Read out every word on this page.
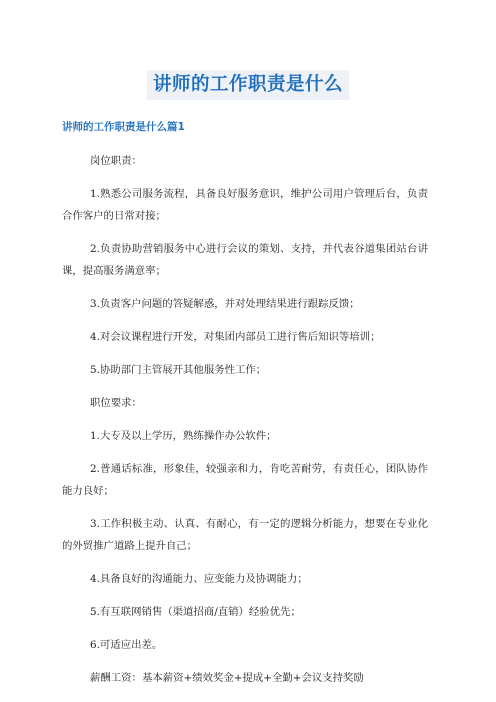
讲师的工作职责是什么
讲师的工作职责是什么篇1

岗位职责：

1.熟悉公司服务流程，具备良好服务意识，维护公司用户管理后台，负责合作客户的日常对接；

2.负责协助营销服务中心进行会议的策划、支持，并代表谷道集团站台讲课，提高服务满意率；

3.负责客户问题的答疑解惑，并对处理结果进行跟踪反馈；

4.对会议课程进行开发，对集团内部员工进行售后知识等培训；

5.协助部门主管展开其他服务性工作；

职位要求：

1.大专及以上学历，熟练操作办公软件；

2.普通话标准，形象佳，较强亲和力，肯吃苦耐劳，有责任心，团队协作能力良好；

3.工作积极主动、认真、有耐心，有一定的逻辑分析能力，想要在专业化的外贸推广道路上提升自己；

4.具备良好的沟通能力、应变能力及协调能力；

5.有互联网销售（渠道招商/直销）经验优先；

6.可适应出差。

薪酬工资：基本薪资+绩效奖金+提成+全勤+会议支持奖励
